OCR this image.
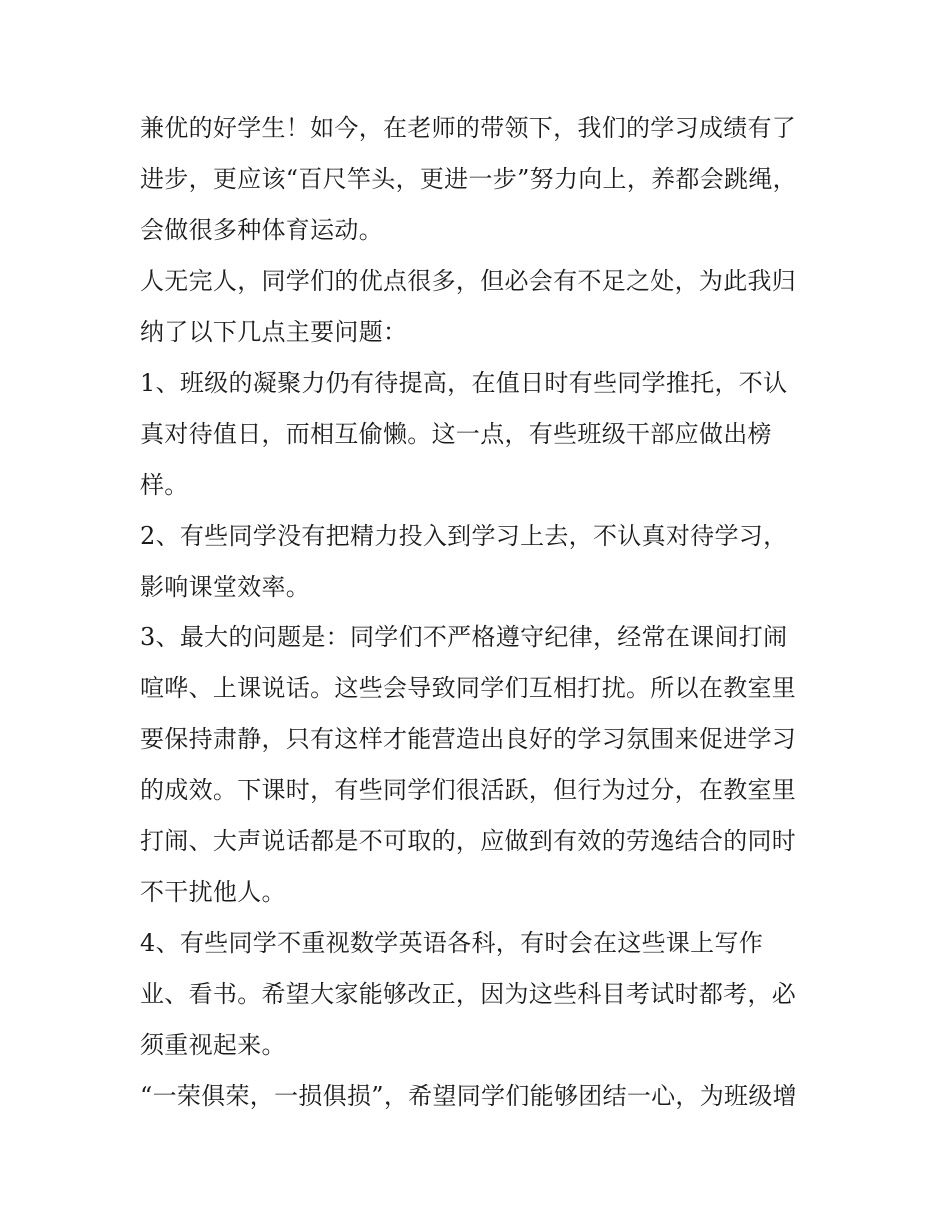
兼优的好学生！如今，在老师的带领下，我们的学习成绩有了
进步，更应该“百尺竿头，更进一步”努力向上，养都会跳绳，
会做很多种体育运动。
人无完人，同学们的优点很多，但必会有不足之处，为此我归
纳了以下几点主要问题：
1、班级的凝聚力仍有待提高，在值日时有些同学推托，不认
真对待值日，而相互偷懒。这一点，有些班级干部应做出榜
样。
2、有些同学没有把精力投入到学习上去，不认真对待学习，
影响课堂效率。
3、最大的问题是：同学们不严格遵守纪律，经常在课间打闹
喧哗、上课说话。这些会导致同学们互相打扰。所以在教室里
要保持肃静，只有这样才能营造出良好的学习氛围来促进学习
的成效。下课时，有些同学们很活跃，但行为过分，在教室里
打闹、大声说话都是不可取的，应做到有效的劳逸结合的同时
不干扰他人。
4、有些同学不重视数学英语各科，有时会在这些课上写作
业、看书。希望大家能够改正，因为这些科目考试时都考，必
须重视起来。
“一荣俱荣，一损俱损”，希望同学们能够团结一心，为班级增
